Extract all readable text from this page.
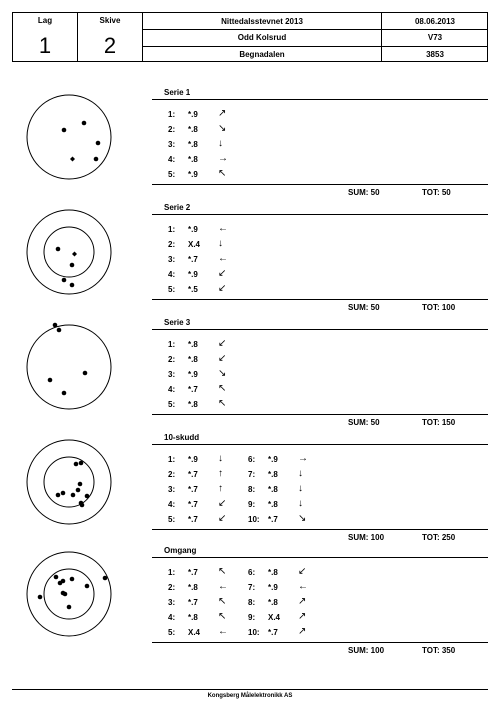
Lag
1
Skive
2
Nittedalsstevnet 2013	08.06.2013
Odd Kolsrud	V73
Begnadalen	3853
Serie 1
1:	*.9	↗
2:	*.8	↘
3:	*.8	↓
4:	*.8	→
5:	*.9	↖
SUM: 50	TOT: 50
Serie 2
1:	*.9	←
2:	X.4	↓
3:	*.7	←
4:	*.9	↙
5:	*.5	↙
SUM: 50	TOT: 100
Serie 3
1:	*.8	↙
2:	*.8	↙
3:	*.9	↘
4:	*.7	↖
5:	*.8	↖
SUM: 50	TOT: 150
10-skudd
1:	*.9	↓
2:	*.7	↑
3:	*.7	↑
4:	*.7	↙
5:	*.7	↙
6:	*.9	→
7:	*.8	↓
8:	*.8	↓
9:	*.8	↓
10:	*.7	↘
SUM: 100	TOT: 250
Omgang
1:	*.7	↖
2:	*.8	←
3:	*.7	↖
4:	*.8	↖
5:	X.4	←
6:	*.8	↙
7:	*.9	←
8:	*.8	↗
9:	X.4	↗
10:	*.7	↗
SUM: 100	TOT: 350
Kongsberg Målelektronikk AS
